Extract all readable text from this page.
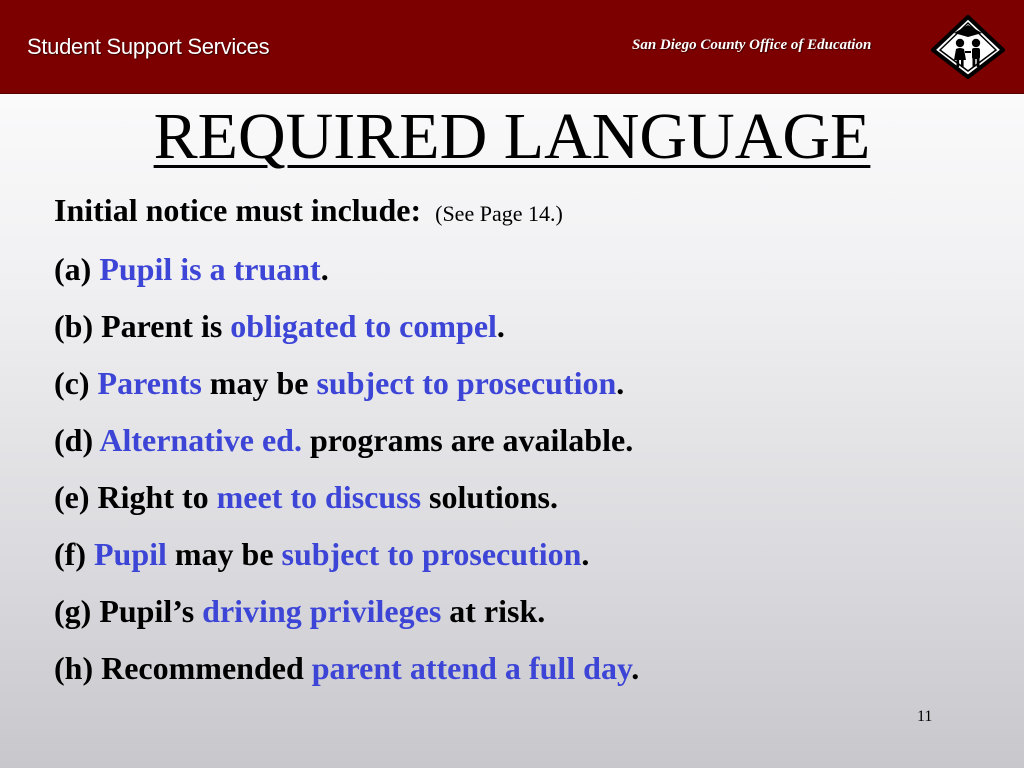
Student Support Services	San Diego County Office of Education
REQUIRED LANGUAGE
Initial notice must include: (See Page 14.)
(a) Pupil is a truant.
(b) Parent is obligated to compel.
(c) Parents may be subject to prosecution.
(d) Alternative ed. programs are available.
(e) Right to meet to discuss solutions.
(f) Pupil may be subject to prosecution.
(g) Pupil’s driving privileges at risk.
(h) Recommended parent attend a full day.
11
